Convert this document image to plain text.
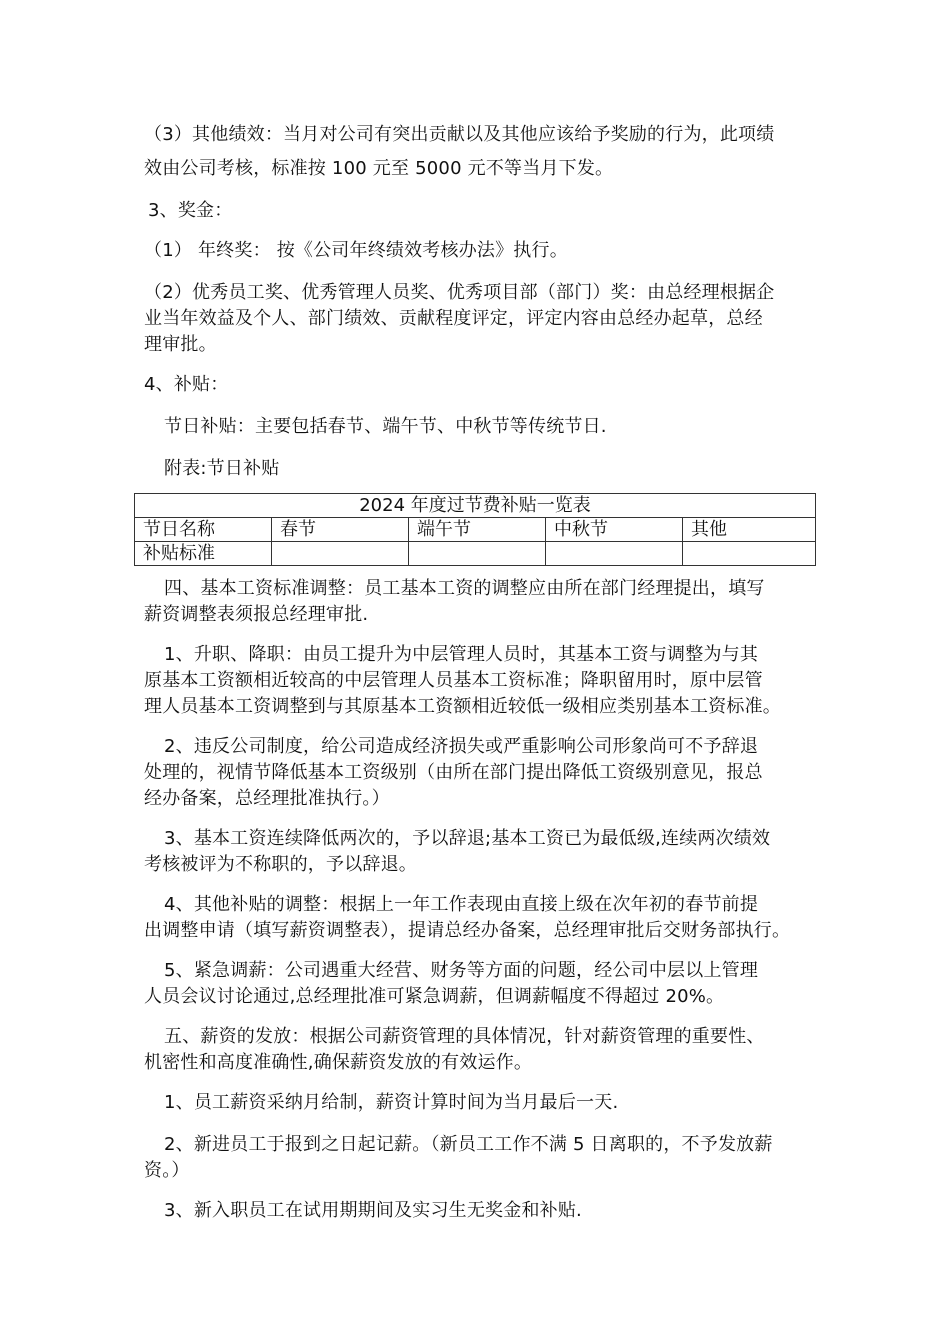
（3）其他绩效：当月对公司有突出贡献以及其他应该给予奖励的行为，此项绩
效由公司考核，标准按 100 元至 5000 元不等当月下发。
3、奖金：
（1） 年终奖： 按《公司年终绩效考核办法》执行。
（2）优秀员工奖、优秀管理人员奖、优秀项目部（部门）奖：由总经理根据企
业当年效益及个人、部门绩效、贡献程度评定，评定内容由总经办起草，总经
理审批。
4、补贴：
节日补贴：主要包括春节、端午节、中秋节等传统节日.
附表:节日补贴
四、基本工资标准调整：员工基本工资的调整应由所在部门经理提出，填写
薪资调整表须报总经理审批.
1、升职、降职：由员工提升为中层管理人员时，其基本工资与调整为与其
原基本工资额相近较高的中层管理人员基本工资标准；降职留用时，原中层管
理人员基本工资调整到与其原基本工资额相近较低一级相应类别基本工资标准。
2、违反公司制度，给公司造成经济损失或严重影响公司形象尚可不予辞退
处理的，视情节降低基本工资级别（由所在部门提出降低工资级别意见，报总
经办备案，总经理批准执行。）
3、基本工资连续降低两次的，予以辞退;基本工资已为最低级,连续两次绩效
考核被评为不称职的，予以辞退。
4、其他补贴的调整：根据上一年工作表现由直接上级在次年初的春节前提
出调整申请（填写薪资调整表），提请总经办备案，总经理审批后交财务部执行。
5、紧急调薪：公司遇重大经营、财务等方面的问题，经公司中层以上管理
人员会议讨论通过,总经理批准可紧急调薪，但调薪幅度不得超过 20%。
五、薪资的发放：根据公司薪资管理的具体情况，针对薪资管理的重要性、
机密性和高度准确性,确保薪资发放的有效运作。
1、员工薪资采纳月给制，薪资计算时间为当月最后一天.
2、新进员工于报到之日起记薪。（新员工工作不满 5 日离职的，不予发放薪
资。）
3、新入职员工在试用期期间及实习生无奖金和补贴.
2024 年度过节费补贴一览表				
节日名称	春节	端午节	中秋节	其他
补贴标准				
